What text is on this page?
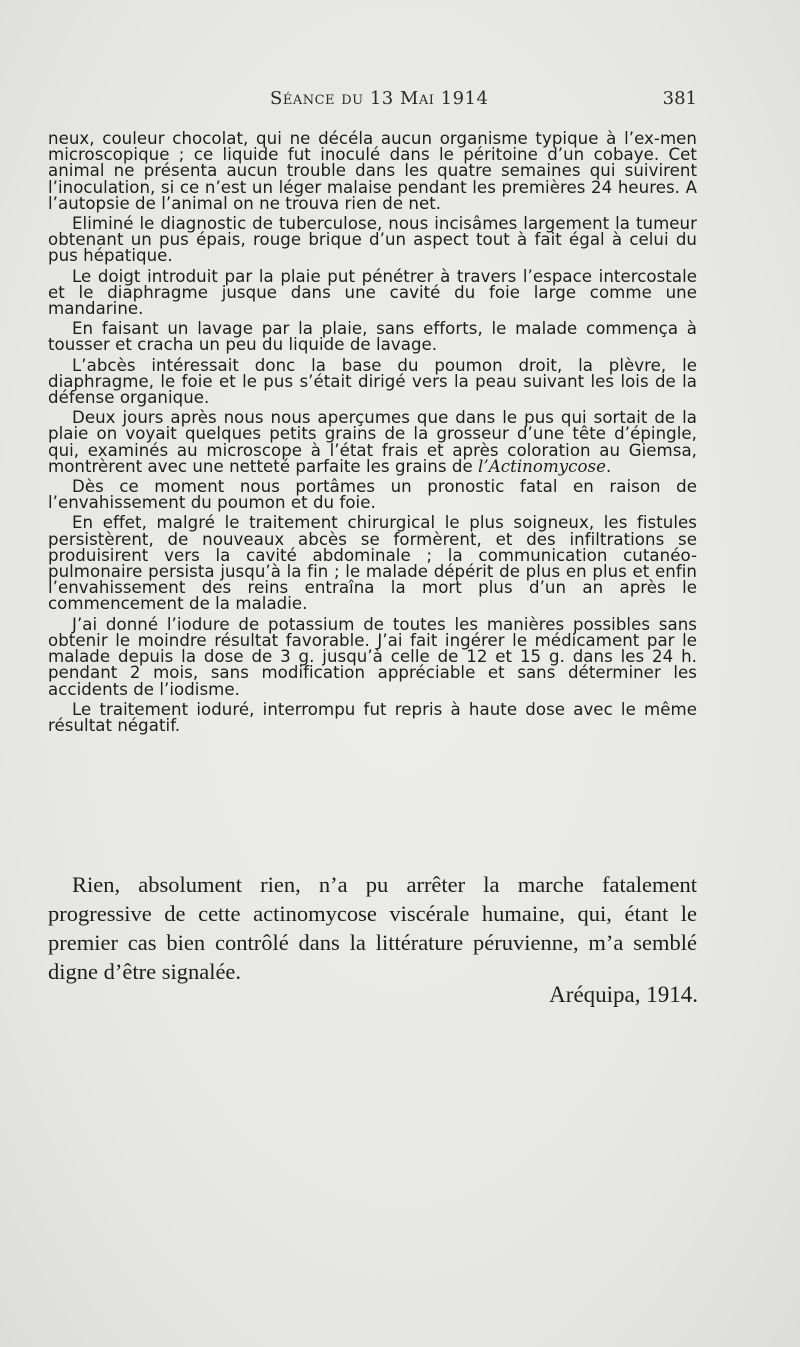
Séance du 13 Mai 1914	381

neux, couleur chocolat, qui ne décéla aucun organisme typique à l’ex-men microscopique ; ce liquide fut inoculé dans le péritoine d’un cobaye. Cet animal ne présenta aucun trouble dans les quatre semaines qui suivirent l’inoculation, si ce n’est un léger malaise pendant les premières 24 heures. A l’autopsie de l’animal on ne trouva rien de net.

Eliminé le diagnostic de tuberculose, nous incisâmes largement la tumeur obtenant un pus épais, rouge brique d’un aspect tout à fait égal à celui du pus hépatique.

Le doigt introduit par la plaie put pénétrer à travers l’espace intercostale et le diaphragme jusque dans une cavité du foie large comme une mandarine.

En faisant un lavage par la plaie, sans efforts, le malade commença à tousser et cracha un peu du liquide de lavage.

L’abcès intéressait donc la base du poumon droit, la plèvre, le diaphragme, le foie et le pus s’était dirigé vers la peau suivant les lois de la défense organique.

Deux jours après nous nous aperçumes que dans le pus qui sortait de la plaie on voyait quelques petits grains de la grosseur d’une tête d’épingle, qui, examinés au microscope à l’état frais et après coloration au Giemsa, montrèrent avec une netteté parfaite les grains de l’Actinomycose.

Dès ce moment nous portâmes un pronostic fatal en raison de l’envahissement du poumon et du foie.

En effet, malgré le traitement chirurgical le plus soigneux, les fistules persistèrent, de nouveaux abcès se formèrent, et des infiltrations se produisirent vers la cavité abdominale ; la communication cutanéo-pulmonaire persista jusqu’à la fin ; le malade dépérit de plus en plus et enfin l’envahissement des reins entraîna la mort plus d’un an après le commencement de la maladie.

J’ai donné l’iodure de potassium de toutes les manières possibles sans obtenir le moindre résultat favorable. J’ai fait ingérer le médicament par le malade depuis la dose de 3 g. jusqu’à celle de 12 et 15 g. dans les 24 h. pendant 2 mois, sans modification appréciable et sans déterminer les accidents de l’iodisme.

Le traitement ioduré, interrompu fut repris à haute dose avec le même résultat négatif.

Rien, absolument rien, n’a pu arrêter la marche fatalement progressive de cette actinomycose viscérale humaine, qui, étant le premier cas bien contrôlé dans la littérature péruvienne, m’a semblé digne d’être signalée.

Aréquipa, 1914.
